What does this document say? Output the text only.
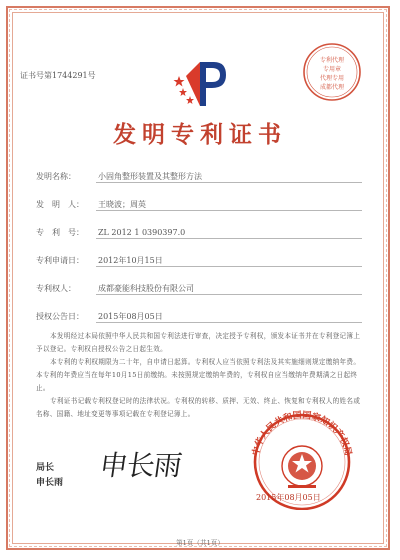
专利代理
专用章
代理专用
成都代理
证书号第1744291号
发明专利证书
发明名称：	小固角整形装置及其整形方法
发　明　人： 王晓波；周英
专　利　号： ZL 2012 1 0390397.0
专利申请日： 2012年10月15日
专利权人：	成都豪能科技股份有限公司
授权公告日： 2015年08月05日

本发明经过本局依照中华人民共和国专利法进行审查，决定授予专利权，颁发本证书并在专利登记簿上予以登记。专利权自授权公告之日起生效。

本专利的专利权期限为二十年，自申请日起算。专利权人应当依照专利法及其实施细则规定缴纳年费。本专利的年费应当在每年10月15日前缴纳。未按照规定缴纳年费的，专利权自应当缴纳年费期满之日起终止。

专利证书记载专利权登记时的法律状况。专利权的转移、质押、无效、终止、恢复和专利权人的姓名或名称、国籍、地址变更等事项记载在专利登记簿上。

局长
申长雨
申长雨	中华人民共和国国家知识产权局
2015年08月05日
第1页（共1页）
